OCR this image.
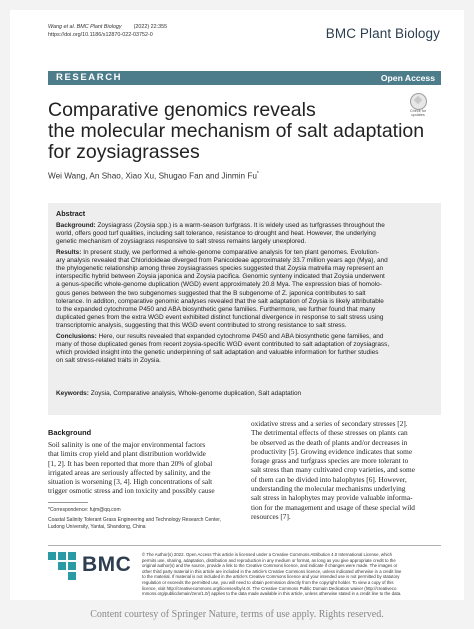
Wang et al. BMC Plant Biology (2022) 22:355
https://doi.org/10.1186/s12870-022-03752-0	BMC Plant Biology
RESEARCH	Open Access
Check for
updates
Comparative genomics reveals
the molecular mechanism of salt adaptation
for zoysiagrasses
Wei Wang, An Shao, Xiao Xu, Shugao Fan and Jinmin Fu*
Abstract
Background: Zoysiagrass (Zoysia spp.) is a warm-season turfgrass. It is widely used as turfgrasses throughout the
world, offers good turf qualities, including salt tolerance, resistance to drought and heat. However, the underlying
genetic mechanism of zoysiagrass responsive to salt stress remains largely unexplored.
Results: In present study, we performed a whole-genome comparative analysis for ten plant genomes. Evolution-
ary analysis revealed that Chloridoideae diverged from Panicoideae approximately 33.7 million years ago (Mya), and
the phylogenetic relationship among three zoysiagrasses species suggested that Zoysia matrella may represent an
interspecific hybrid between Zoysia japonica and Zoysia pacifica. Genomic synteny indicated that Zoysia underwent
a genus-specific whole-genome duplication (WGD) event approximately 20.8 Mya. The expression bias of homolo-
gous genes between the two subgenomes suggested that the B subgenome of Z. japonica contributes to salt
tolerance. In additon, comparative genomic analyses revealed that the salt adaptation of Zoysia is likely attributable
to the expanded cytochrome P450 and ABA biosynthetic gene families. Furthermore, we further found that many
duplicated genes from the extra WGD event exhibited distinct functional divergence in response to salt stress using
transcriptomic analysis, suggesting that this WGD event contributed to strong resistance to salt stress.
Conclusions: Here, our results revealed that expanded cytochrome P450 and ABA biosynthetic gene families, and
many of those duplicated genes from recent zoysia-specific WGD event contributed to salt adaptation of zoysiagrass,
which provided insight into the genetic underpinning of salt adaptation and valuable information for further studies
on salt stress-related traits in Zoysia.
Keywords: Zoysia, Comparative analysis, Whole-genome duplication, Salt adaptation
Background
Soil salinity is one of the major environmental factors
that limits crop yield and plant distribution worldwide
[1, 2]. It has been reported that more than 20% of global
irrigated areas are seriously affected by salinity, and the
situation is worsening [3, 4]. High concentrations of salt
trigger osmotic stress and ion toxicity and possibly cause
oxidative stress and a series of secondary stresses [2].
The detrimental effects of these stresses on plants can
be observed as the death of plants and/or decreases in
productivity [5]. Growing evidence indicates that some
forage grass and turfgrass species are more tolerant to
salt stress than many cultivated crop varieties, and some
of them can be divided into halophytes [6]. However,
understanding the molecular mechanisms underlying
salt stress in halophytes may provide valuable informa-
tion for the management and usage of these special wild
resources [7].
*Correspondence: fujm@qq.com
Coastal Salinity Tolerant Grass Engineering and Technology Research Center,
Ludong University, Yantai, Shandong, China
BMC © The Author(s) 2022. Open Access This article is licensed under a Creative Commons Attribution 4.0 International License, which
permits use, sharing, adaptation, distribution and reproduction in any medium or format, as long as you give appropriate credit to the
original author(s) and the source, provide a link to the Creative Commons licence, and indicate if changes were made. The images or
other third party material in this article are included in the article's Creative Commons licence, unless indicated otherwise in a credit line
to the material. If material is not included in the article's Creative Commons licence and your intended use is not permitted by statutory
regulation or exceeds the permitted use, you will need to obtain permission directly from the copyright holder. To view a copy of this
licence, visit http://creativecommons.org/licenses/by/4.0/. The Creative Commons Public Domain Dedication waiver (http://creativeco
mmons.org/publicdomain/zero/1.0/) applies to the data made available in this article, unless otherwise stated in a credit line to the data.
Content courtesy of Springer Nature, terms of use apply. Rights reserved.
